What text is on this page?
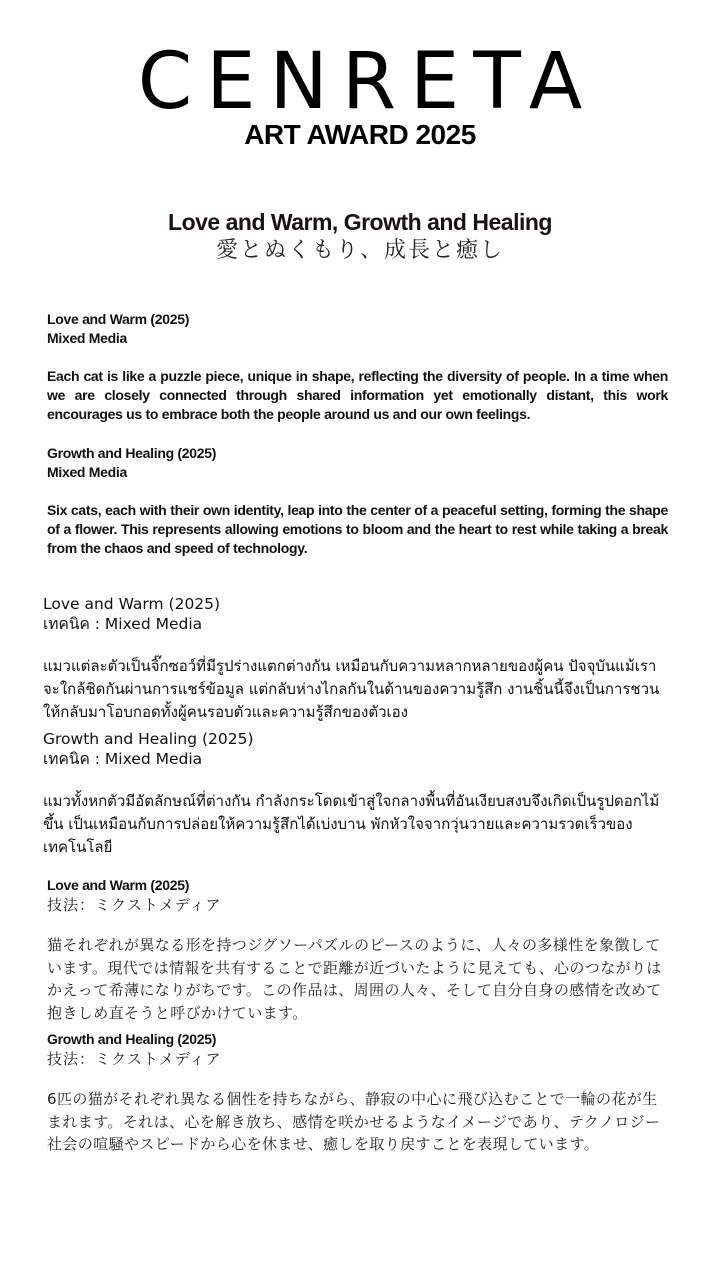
CENRETA
ART AWARD 2025
Love and Warm, Growth and Healing
愛とぬくもり、成長と癒し
Love and Warm (2025)
Mixed Media
Each cat is like a puzzle piece, unique in shape, reflecting the diversity of people. In a time when we are closely connected through shared information yet emotionally distant, this work encourages us to embrace both the people around us and our own feelings.
Growth and Healing (2025)
Mixed Media
Six cats, each with their own identity, leap into the center of a peaceful setting, forming the shape of a flower. This represents allowing emotions to bloom and the heart to rest while taking a break from the chaos and speed of technology.
Love and Warm (2025)
เทคนิค : Mixed Media
แมวแต่ละตัวเป็นจิ๊กซอว์ที่มีรูปร่างแตกต่างกัน เหมือนกับความหลากหลายของผู้คน ปัจจุบันแม้เราจะใกล้ชิดกันผ่านการแชร์ข้อมูล แต่กลับห่างไกลกันในด้านของความรู้สึก งานชิ้นนี้จึงเป็นการชวนให้กลับมาโอบกอดทั้งผู้คนรอบตัวและความรู้สึกของตัวเอง
Growth and Healing (2025)
เทคนิค : Mixed Media
แมวทั้งหกตัวมีอัตลักษณ์ที่ต่างกัน กำลังกระโดดเข้าสู่ใจกลางพื้นที่อันเงียบสงบจึงเกิดเป็นรูปดอกไม้ขึ้น เป็นเหมือนกับการปล่อยให้ความรู้สึกได้เบ่งบาน พักหัวใจจากวุ่นวายและความรวดเร็วของเทคโนโลยี
Love and Warm (2025)
技法：ミクストメディア
猫それぞれが異なる形を持つジグソーパズルのピースのように、人々の多様性を象徴しています。現代では情報を共有することで距離が近づいたように見えても、心のつながりはかえって希薄になりがちです。この作品は、周囲の人々、そして自分自身の感情を改めて抱きしめ直そうと呼びかけています。
Growth and Healing (2025)
技法：ミクストメディア
6匹の猫がそれぞれ異なる個性を持ちながら、静寂の中心に飛び込むことで一輪の花が生まれます。それは、心を解き放ち、感情を咲かせるようなイメージであり、テクノロジー社会の喧騒やスピードから心を休ませ、癒しを取り戻すことを表現しています。
